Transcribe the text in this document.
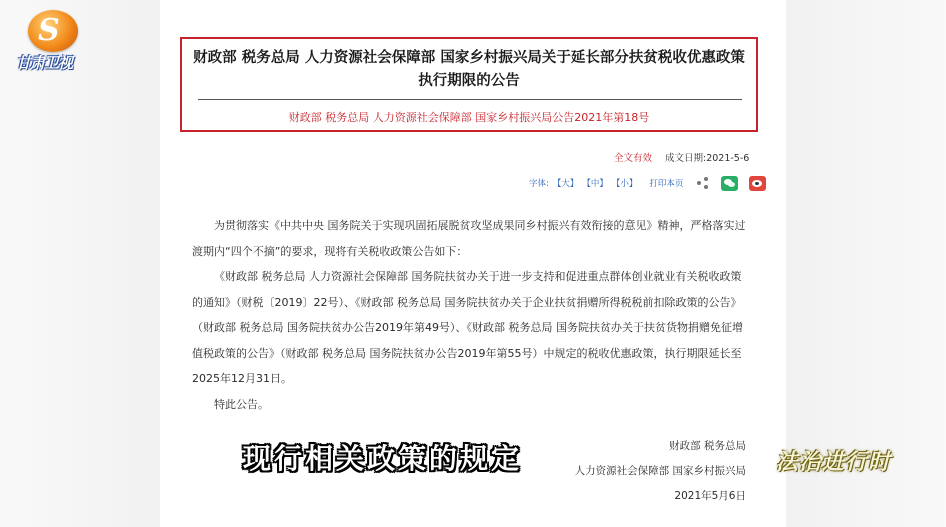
财政部 税务总局 人力资源社会保障部 国家乡村振兴局关于延长部分扶贫税收优惠政策执行期限的公告
财政部 税务总局 人力资源社会保障部 国家乡村振兴局公告2021年第18号
全文有效 成文日期:2021-5-6
字体: 【大】 【中】 【小】 打印本页

为贯彻落实《中共中央 国务院关于实现巩固拓展脱贫攻坚成果同乡村振兴有效衔接的意见》精神，严格落实过渡期内“四个不摘”的要求，现将有关税收政策公告如下：

《财政部 税务总局 人力资源社会保障部 国务院扶贫办关于进一步支持和促进重点群体创业就业有关税收政策的通知》（财税〔2019〕22号）、《财政部 税务总局 国务院扶贫办关于企业扶贫捐赠所得税税前扣除政策的公告》（财政部 税务总局 国务院扶贫办公告2019年第49号）、《财政部 税务总局 国务院扶贫办关于扶贫货物捐赠免征增值税政策的公告》（财政部 税务总局 国务院扶贫办公告2019年第55号）中规定的税收优惠政策，执行期限延长至2025年12月31日。

特此公告。

财政部 税务总局
人力资源社会保障部 国家乡村振兴局
2021年5月6日
S
甘肃卫视
现行相关政策的规定	法治进行时
